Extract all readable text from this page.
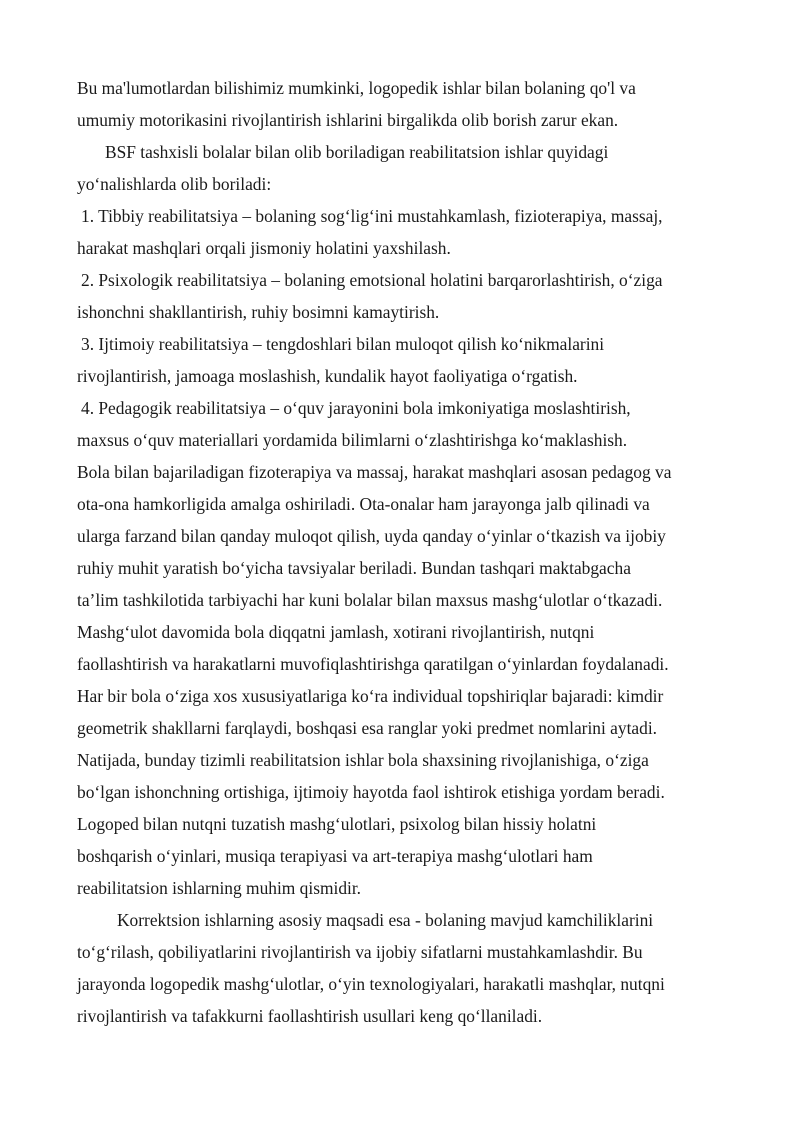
Bu ma'lumotlardan bilishimiz mumkinki, logopedik ishlar bilan bolaning qo'l va
umumiy motorikasini rivojlantirish ishlarini birgalikda olib borish zarur ekan.
BSF tashxisli bolalar bilan olib boriladigan reabilitatsion ishlar quyidagi
yoʻnalishlarda olib boriladi:
1. Tibbiy reabilitatsiya – bolaning sogʻligʻini mustahkamlash, fizioterapiya, massaj,
harakat mashqlari orqali jismoniy holatini yaxshilash.
2. Psixologik reabilitatsiya – bolaning emotsional holatini barqarorlashtirish, oʻziga
ishonchni shakllantirish, ruhiy bosimni kamaytirish.
3. Ijtimoiy reabilitatsiya – tengdoshlari bilan muloqot qilish koʻnikmalarini
rivojlantirish, jamoaga moslashish, kundalik hayot faoliyatiga oʻrgatish.
4. Pedagogik reabilitatsiya – oʻquv jarayonini bola imkoniyatiga moslashtirish,
maxsus oʻquv materiallari yordamida bilimlarni oʻzlashtirishga koʻmaklashish.
Bola bilan bajariladigan fizoterapiya va massaj, harakat mashqlari asosan pedagog va
ota-ona hamkorligida amalga oshiriladi. Ota-onalar ham jarayonga jalb qilinadi va
ularga farzand bilan qanday muloqot qilish, uyda qanday oʻyinlar oʻtkazish va ijobiy
ruhiy muhit yaratish boʻyicha tavsiyalar beriladi. Bundan tashqari maktabgacha
taʼlim tashkilotida tarbiyachi har kuni bolalar bilan maxsus mashgʻulotlar oʻtkazadi.
Mashgʻulot davomida bola diqqatni jamlash, xotirani rivojlantirish, nutqni
faollashtirish va harakatlarni muvofiqlashtirishga qaratilgan oʻyinlardan foydalanadi.
Har bir bola oʻziga xos xususiyatlariga koʻra individual topshiriqlar bajaradi: kimdir
geometrik shakllarni farqlaydi, boshqasi esa ranglar yoki predmet nomlarini aytadi.
Natijada, bunday tizimli reabilitatsion ishlar bola shaxsining rivojlanishiga, oʻziga
boʻlgan ishonchning ortishiga, ijtimoiy hayotda faol ishtirok etishiga yordam beradi.
Logoped bilan nutqni tuzatish mashgʻulotlari, psixolog bilan hissiy holatni
boshqarish oʻyinlari, musiqa terapiyasi va art-terapiya mashgʻulotlari ham
reabilitatsion ishlarning muhim qismidir.
Korrektsion ishlarning asosiy maqsadi esa - bolaning mavjud kamchiliklarini
toʻgʻrilash, qobiliyatlarini rivojlantirish va ijobiy sifatlarni mustahkamlashdir. Bu
jarayonda logopedik mashgʻulotlar, oʻyin texnologiyalari, harakatli mashqlar, nutqni
rivojlantirish va tafakkurni faollashtirish usullari keng qoʻllaniladi.
